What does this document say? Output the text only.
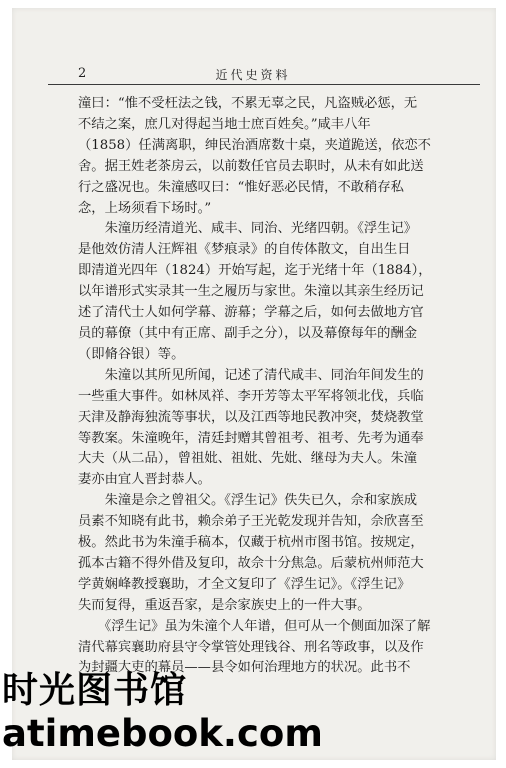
2	近代史资料
潼曰：“惟不受枉法之钱，不累无辜之民，凡盗贼必惩，无
不结之案，庶几对得起当地士庶百姓矣。”咸丰八年
（1858）任满离职，绅民治酒席数十桌，夹道跪送，依恋不
舍。据王姓老茶房云，以前数任官员去职时，从未有如此送
行之盛况也。朱潼感叹曰：“惟好恶必民情，不敢稍存私
念，上场须看下场时。”
　　朱潼历经清道光、咸丰、同治、光绪四朝。《浮生记》
是他效仿清人汪辉祖《梦痕录》的自传体散文，自出生日
即清道光四年（1824）开始写起，迄于光绪十年（1884），
以年谱形式实录其一生之履历与家世。朱潼以其亲生经历记
述了清代士人如何学幕、游幕；学幕之后，如何去做地方官
员的幕僚（其中有正席、副手之分），以及幕僚每年的酬金
（即脩谷银）等。
　　朱潼以其所见所闻，记述了清代咸丰、同治年间发生的
一些重大事件。如林凤祥、李开芳等太平军将领北伐，兵临
天津及静海独流等事状，以及江西等地民教冲突，焚烧教堂
等教案。朱潼晚年，清廷封赠其曾祖考、祖考、先考为通奉
大夫（从二品），曾祖妣、祖妣、先妣、继母为夫人。朱潼
妻亦由宜人晋封恭人。
　　朱潼是佘之曾祖父。《浮生记》佚失已久，佘和家族成
员素不知晓有此书，赖佘弟子王光乾发现并告知，佘欣喜至
极。然此书为朱潼手稿本，仅藏于杭州市图书馆。按规定，
孤本古籍不得外借及复印，故佘十分焦急。后蒙杭州师范大
学黄娴峰教授襄助，才全文复印了《浮生记》。《浮生记》
失而复得，重返吾家，是佘家族史上的一件大事。
　　《浮生记》虽为朱潼个人年谱，但可从一个侧面加深了解
清代幕宾襄助府县守令掌管处理钱谷、刑名等政事，以及作
为封疆大吏的幕员——县令如何治理地方的状况。此书不
时光图书馆
atimebook.com
